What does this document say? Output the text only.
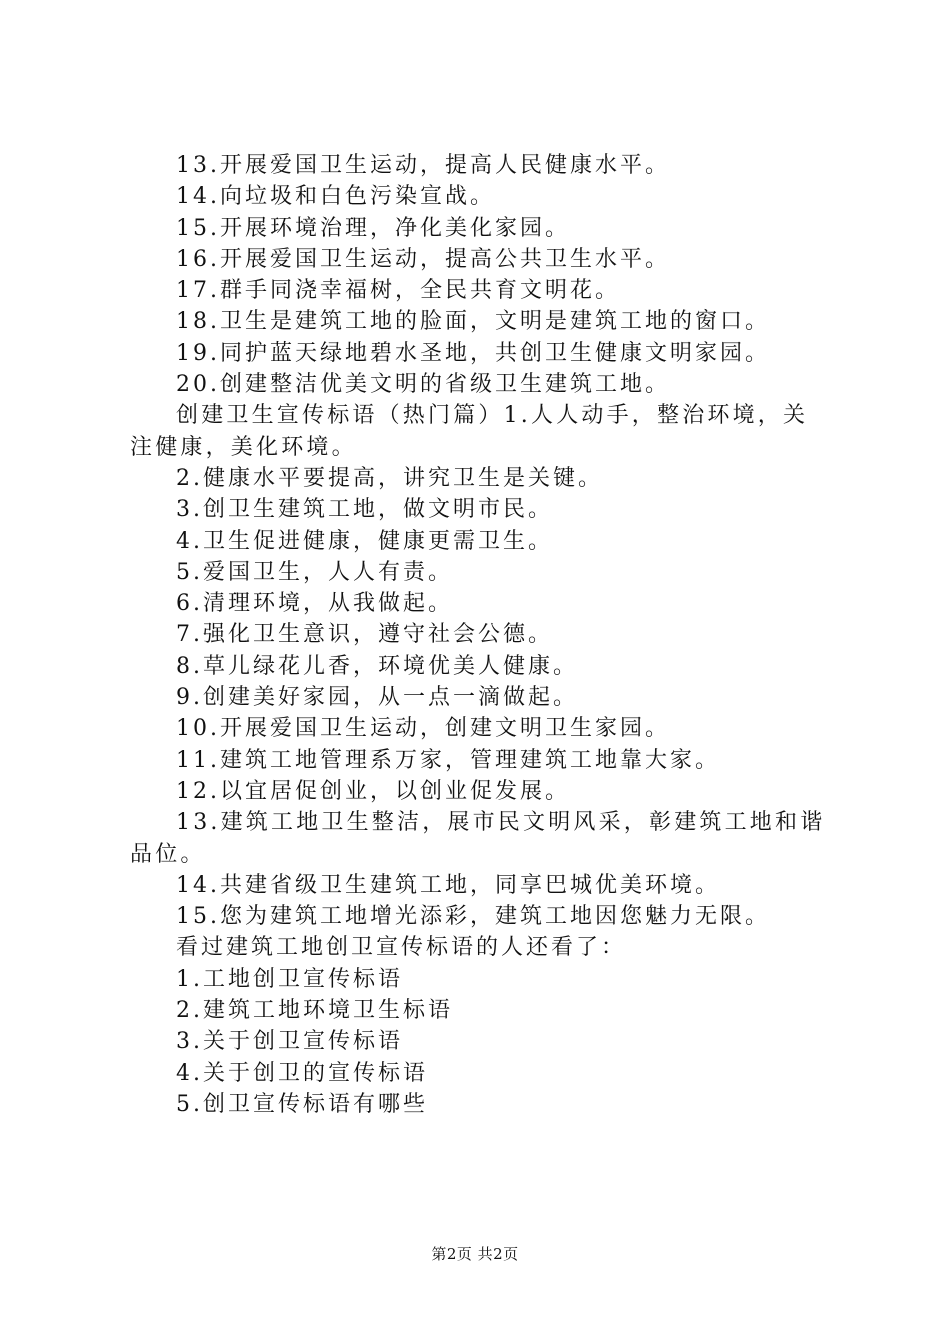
13.开展爱国卫生运动，提高人民健康水平。

14.向垃圾和白色污染宣战。

15.开展环境治理，净化美化家园。

16.开展爱国卫生运动，提高公共卫生水平。

17.群手同浇幸福树，全民共育文明花。

18.卫生是建筑工地的脸面，文明是建筑工地的窗口。

19.同护蓝天绿地碧水圣地，共创卫生健康文明家园。

20.创建整洁优美文明的省级卫生建筑工地。

创建卫生宣传标语（热门篇）1.人人动手，整治环境，关注健康，美化环境。

2.健康水平要提高，讲究卫生是关键。

3.创卫生建筑工地，做文明市民。

4.卫生促进健康，健康更需卫生。

5.爱国卫生，人人有责。

6.清理环境，从我做起。

7.强化卫生意识，遵守社会公德。

8.草儿绿花儿香，环境优美人健康。

9.创建美好家园，从一点一滴做起。

10.开展爱国卫生运动，创建文明卫生家园。

11.建筑工地管理系万家，管理建筑工地靠大家。

12.以宜居促创业，以创业促发展。

13.建筑工地卫生整洁，展市民文明风采，彰建筑工地和谐品位。

14.共建省级卫生建筑工地，同享巴城优美环境。

15.您为建筑工地增光添彩，建筑工地因您魅力无限。

看过建筑工地创卫宣传标语的人还看了：

1.工地创卫宣传标语

2.建筑工地环境卫生标语

3.关于创卫宣传标语

4.关于创卫的宣传标语

5.创卫宣传标语有哪些

第2页 共2页
